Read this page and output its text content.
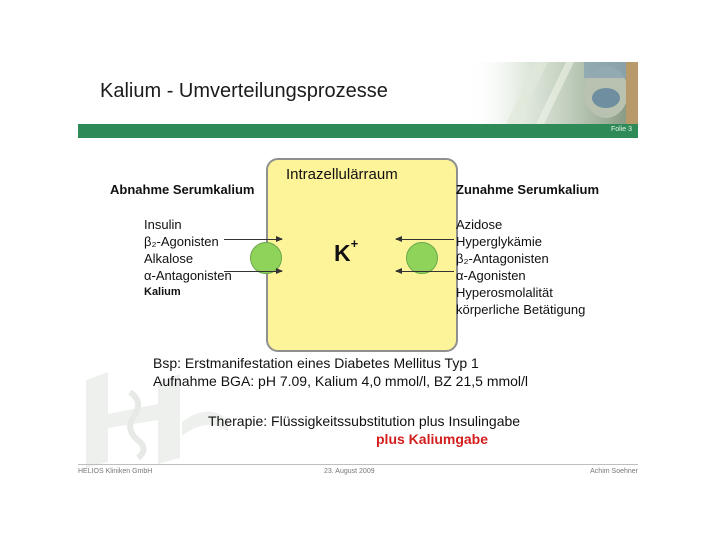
Kalium - Umverteilungsprozesse
Folie 3
Intrazellulärraum
K+
Abnahme Serumkalium	Zunahme Serumkalium
Insulin
β₂-Agonisten
Alkalose
α-Antagonisten
Kalium
Azidose
Hyperglykämie
β₂-Antagonisten
α-Agonisten
Hyperosmolalität
körperliche Betätigung
Bsp: Erstmanifestation eines Diabetes Mellitus Typ 1
Aufnahme BGA: pH 7.09, Kalium 4,0 mmol/l, BZ 21,5 mmol/l
Therapie: Flüssigkeitssubstitution plus Insulingabe
plus Kaliumgabe
HELIOS Kliniken GmbH	23. August 2009	Achim Soehner
